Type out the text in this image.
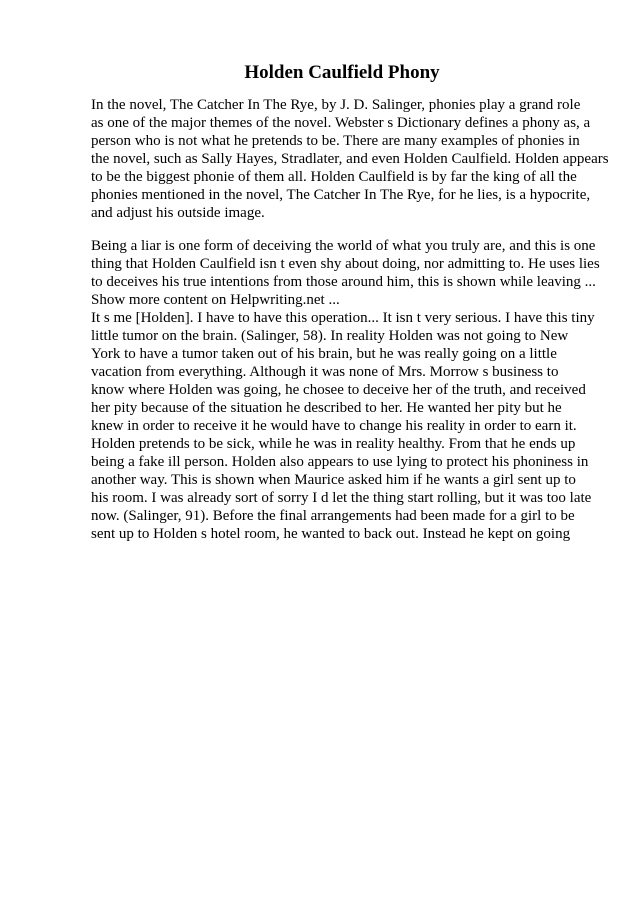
Holden Caulfield Phony
In the novel, The Catcher In The Rye, by J. D. Salinger, phonies play a grand role
as one of the major themes of the novel. Webster s Dictionary defines a phony as, a
person who is not what he pretends to be. There are many examples of phonies in
the novel, such as Sally Hayes, Stradlater, and even Holden Caulfield. Holden appears
to be the biggest phonie of them all. Holden Caulfield is by far the king of all the
phonies mentioned in the novel, The Catcher In The Rye, for he lies, is a hypocrite,
and adjust his outside image.
Being a liar is one form of deceiving the world of what you truly are, and this is one
thing that Holden Caulfield isn t even shy about doing, nor admitting to. He uses lies
to deceives his true intentions from those around him, this is shown while leaving ...
Show more content on Helpwriting.net ...
It s me [Holden]. I have to have this operation... It isn t very serious. I have this tiny
little tumor on the brain. (Salinger, 58). In reality Holden was not going to New
York to have a tumor taken out of his brain, but he was really going on a little
vacation from everything. Although it was none of Mrs. Morrow s business to
know where Holden was going, he chosee to deceive her of the truth, and received
her pity because of the situation he described to her. He wanted her pity but he
knew in order to receive it he would have to change his reality in order to earn it.
Holden pretends to be sick, while he was in reality healthy. From that he ends up
being a fake ill person. Holden also appears to use lying to protect his phoniness in
another way. This is shown when Maurice asked him if he wants a girl sent up to
his room. I was already sort of sorry I d let the thing start rolling, but it was too late
now. (Salinger, 91). Before the final arrangements had been made for a girl to be
sent up to Holden s hotel room, he wanted to back out. Instead he kept on going
